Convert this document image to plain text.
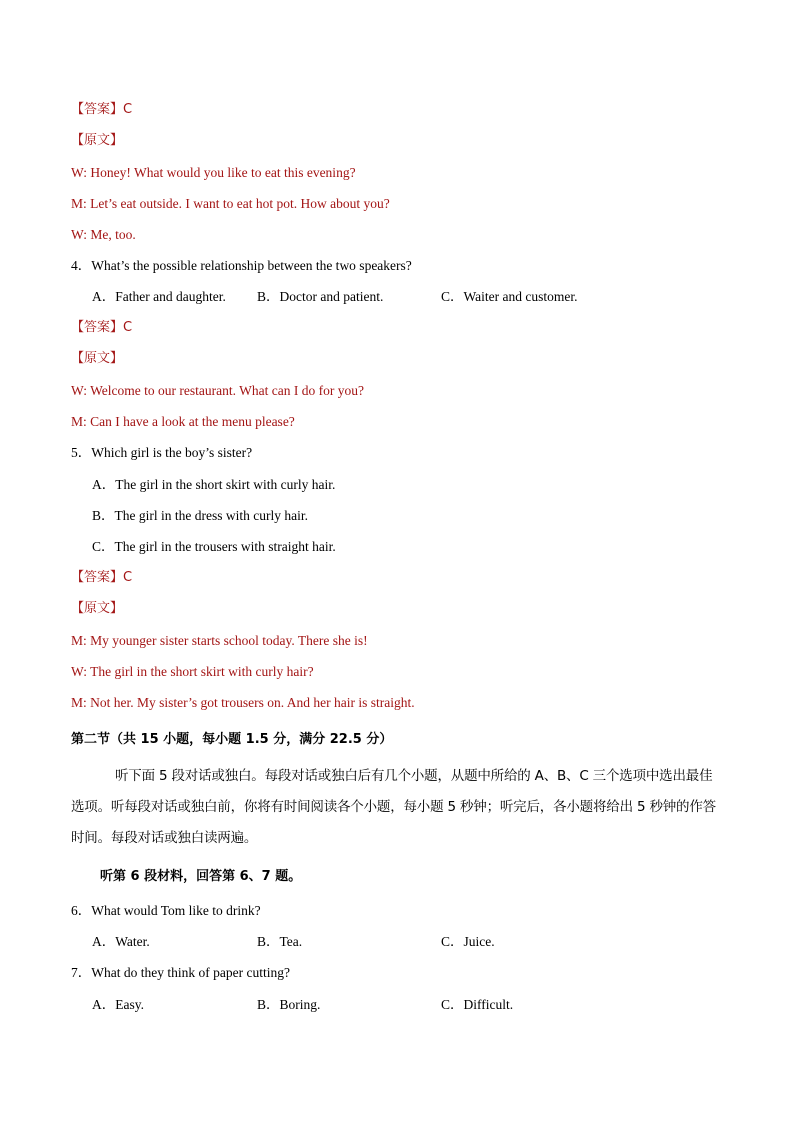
【答案】C
【原文】
W: Honey! What would you like to eat this evening?
M: Let’s eat outside. I want to eat hot pot. How about you?
W: Me, too.
4．What’s the possible relationship between the two speakers?
A．Father and daughter. B．Doctor and patient.	C．Waiter and customer.
【答案】C
【原文】
W: Welcome to our restaurant. What can I do for you?
M: Can I have a look at the menu please?
5．Which girl is the boy’s sister?
A．The girl in the short skirt with curly hair.
B．The girl in the dress with curly hair.
C．The girl in the trousers with straight hair.
【答案】C
【原文】
M: My younger sister starts school today. There she is!
W: The girl in the short skirt with curly hair?
M: Not her. My sister’s got trousers on. And her hair is straight.
第二节（共 15 小题，每小题 1.5 分，满分 22.5 分）

听下面 5 段对话或独白。每段对话或独白后有几个小题，从题中所给的 A、B、C 三个选项中选出最佳选项。听每段对话或独白前，你将有时间阅读各个小题，每小题 5 秒钟；听完后，各小题将给出 5 秒钟的作答时间。每段对话或独白读两遍。

听第 6 段材料，回答第 6、7 题。
6．What would Tom like to drink?
A．Water.	B．Tea.	C．Juice.
7．What do they think of paper cutting?
A．Easy.	B．Boring.	C．Difficult.
